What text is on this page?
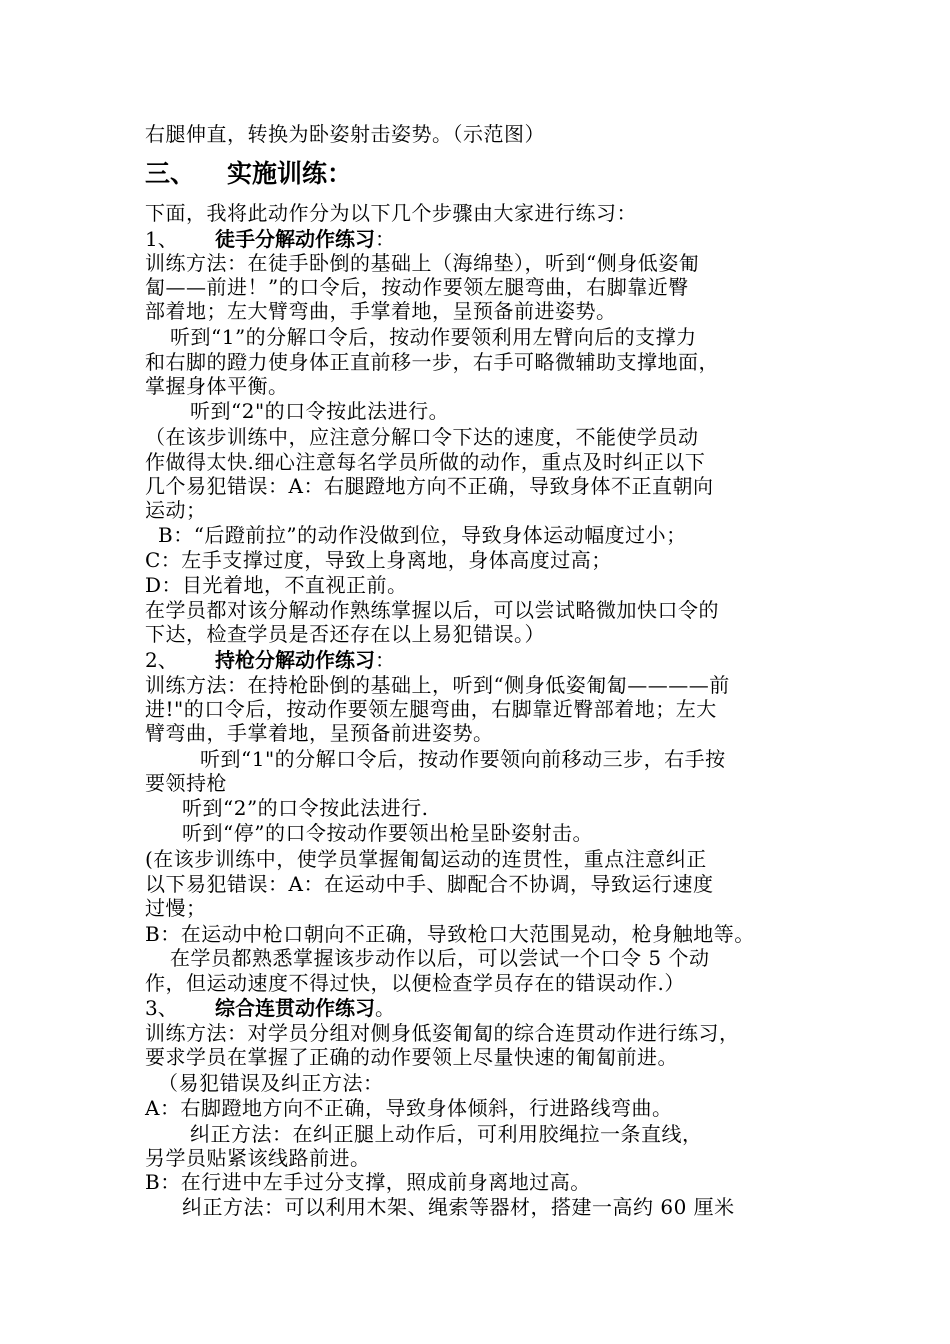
右腿伸直，转换为卧姿射击姿势。（示范图）
三、 实施训练：
下面，我将此动作分为以下几个步骤由大家进行练习：
1、 徒手分解动作练习：
训练方法：在徒手卧倒的基础上（海绵垫），听到“侧身低姿匍
匐——前进！”的口令后，按动作要领左腿弯曲，右脚靠近臀
部着地；左大臂弯曲，手掌着地，呈预备前进姿势。
听到“1”的分解口令后，按动作要领利用左臂向后的支撑力
和右脚的蹬力使身体正直前移一步，右手可略微辅助支撑地面，
掌握身体平衡。
听到“2"的口令按此法进行。
（在该步训练中，应注意分解口令下达的速度，不能使学员动
作做得太快.细心注意每名学员所做的动作，重点及时纠正以下
几个易犯错误：A：右腿蹬地方向不正确，导致身体不正直朝向
运动；
B：“后蹬前拉”的动作没做到位，导致身体运动幅度过小；
C：左手支撑过度，导致上身离地，身体高度过高；
D：目光着地，不直视正前。
在学员都对该分解动作熟练掌握以后，可以尝试略微加快口令的
下达，检查学员是否还存在以上易犯错误。）
2、 持枪分解动作练习：
训练方法：在持枪卧倒的基础上，听到“侧身低姿匍匐————前
进!"的口令后，按动作要领左腿弯曲，右脚靠近臀部着地；左大
臂弯曲，手掌着地，呈预备前进姿势。
听到“1"的分解口令后，按动作要领向前移动三步，右手按
要领持枪
听到“2”的口令按此法进行.
听到“停”的口令按动作要领出枪呈卧姿射击。
(在该步训练中，使学员掌握匍匐运动的连贯性，重点注意纠正
以下易犯错误：A：在运动中手、脚配合不协调，导致运行速度
过慢；
B：在运动中枪口朝向不正确，导致枪口大范围晃动，枪身触地等。
在学员都熟悉掌握该步动作以后，可以尝试一个口令 5 个动
作，但运动速度不得过快，以便检查学员存在的错误动作.）
3、 综合连贯动作练习。
训练方法：对学员分组对侧身低姿匍匐的综合连贯动作进行练习，
要求学员在掌握了正确的动作要领上尽量快速的匍匐前进。
（易犯错误及纠正方法：
A：右脚蹬地方向不正确，导致身体倾斜，行进路线弯曲。
纠正方法：在纠正腿上动作后，可利用胶绳拉一条直线，
另学员贴紧该线路前进。
B：在行进中左手过分支撑，照成前身离地过高。
纠正方法：可以利用木架、绳索等器材，搭建一高约 60 厘米
